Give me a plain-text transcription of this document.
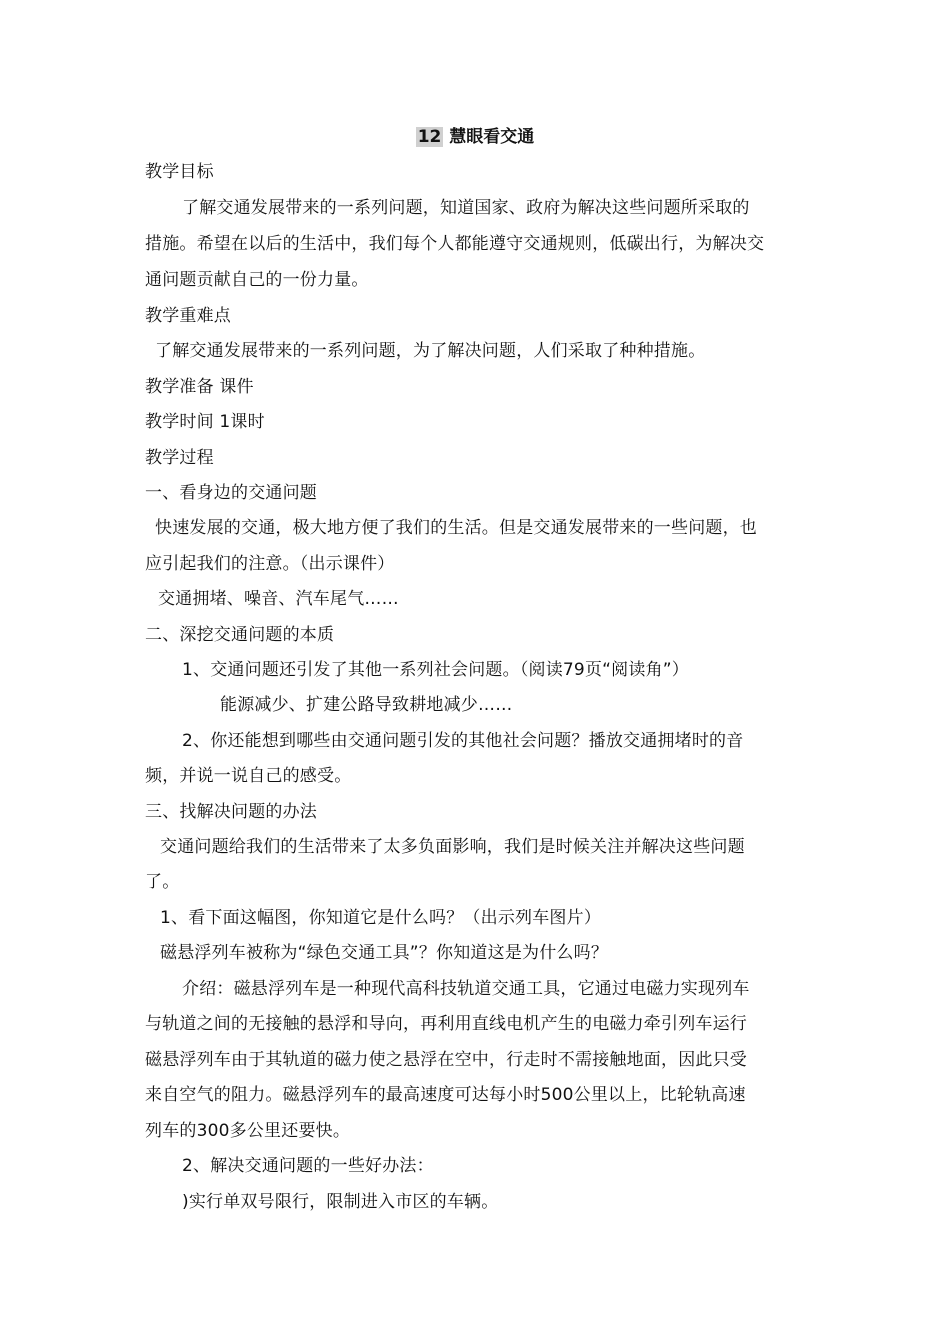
12 慧眼看交通
教学目标
了解交通发展带来的一系列问题，知道国家、政府为解决这些问题所采取的
措施。希望在以后的生活中，我们每个人都能遵守交通规则，低碳出行，为解决交
通问题贡献自己的一份力量。
教学重难点
了解交通发展带来的一系列问题，为了解决问题，人们采取了种种措施。
教学准备 课件
教学时间 1课时
教学过程
一、看身边的交通问题
快速发展的交通，极大地方便了我们的生活。但是交通发展带来的一些问题，也
应引起我们的注意。（出示课件）
交通拥堵、噪音、汽车尾气……
二、深挖交通问题的本质
1、交通问题还引发了其他一系列社会问题。（阅读79页“阅读角”）
能源减少、扩建公路导致耕地减少……
2、你还能想到哪些由交通问题引发的其他社会问题？播放交通拥堵时的音
频，并说一说自己的感受。
三、找解决问题的办法
交通问题给我们的生活带来了太多负面影响，我们是时候关注并解决这些问题
了。
1、看下面这幅图，你知道它是什么吗？（出示列车图片）
磁悬浮列车被称为“绿色交通工具”？你知道这是为什么吗？
介绍：磁悬浮列车是一种现代高科技轨道交通工具，它通过电磁力实现列车
与轨道之间的无接触的悬浮和导向，再利用直线电机产生的电磁力牵引列车运行
磁悬浮列车由于其轨道的磁力使之悬浮在空中，行走时不需接触地面，因此只受
来自空气的阻力。磁悬浮列车的最高速度可达每小时500公里以上，比轮轨高速
列车的300多公里还要快。
2、解决交通问题的一些好办法：
)实行单双号限行，限制进入市区的车辆。
